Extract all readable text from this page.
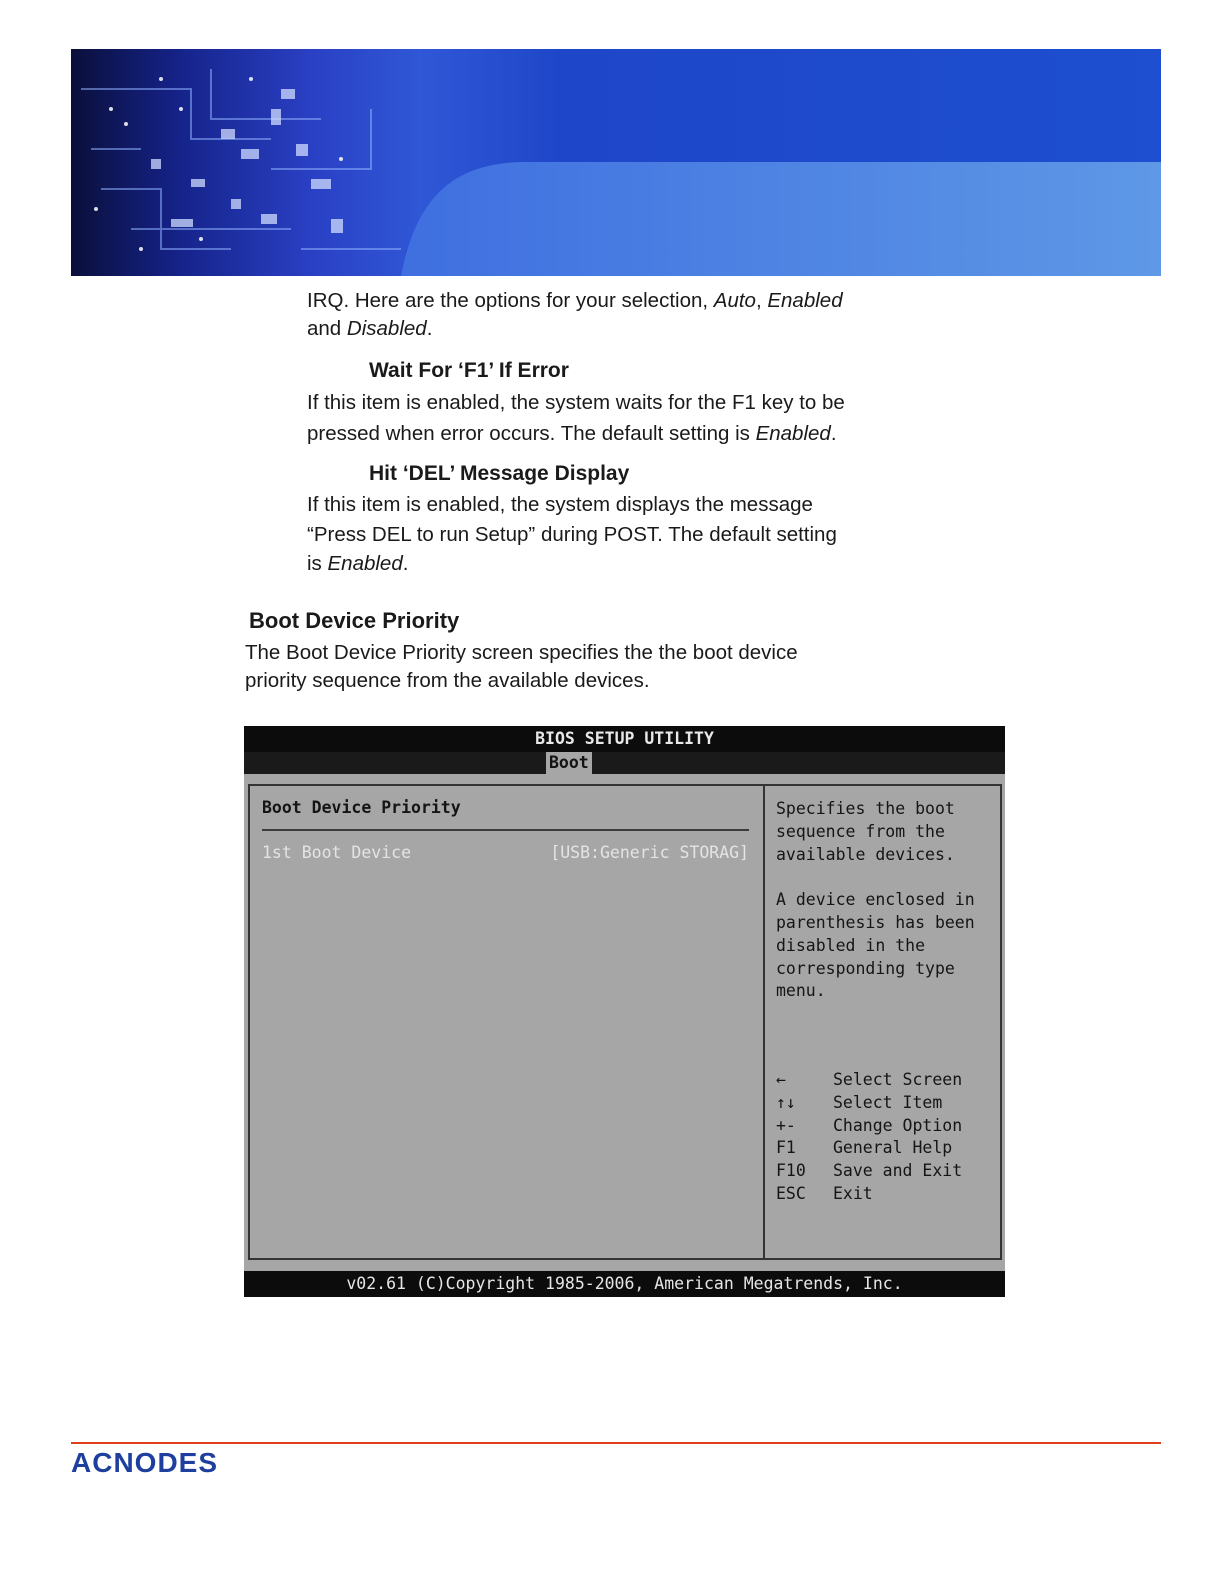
IRQ. Here are the options for your selection, Auto, Enabled
and Disabled.
Wait For ‘F1’ If Error
If this item is enabled, the system waits for the F1 key to be
pressed when error occurs. The default setting is Enabled.
Hit ‘DEL’ Message Display
If this item is enabled, the system displays the message
“Press DEL to run Setup” during POST. The default setting
is Enabled.
Boot Device Priority
The Boot Device Priority screen specifies the the boot device
priority sequence from the available devices.
BIOS SETUP UTILITY
Boot
Boot Device Priority
1st Boot Device	[USB:Generic STORAG]
Specifies the boot
sequence from the
available devices.

A device enclosed in
parenthesis has been
disabled in the
corresponding type
menu.
←	Select Screen
↑↓ Select Item
+- Change Option
F1 General Help
F10 Save and Exit
ESC Exit
v02.61 (C)Copyright 1985-2006, American Megatrends, Inc.
ACNODES
